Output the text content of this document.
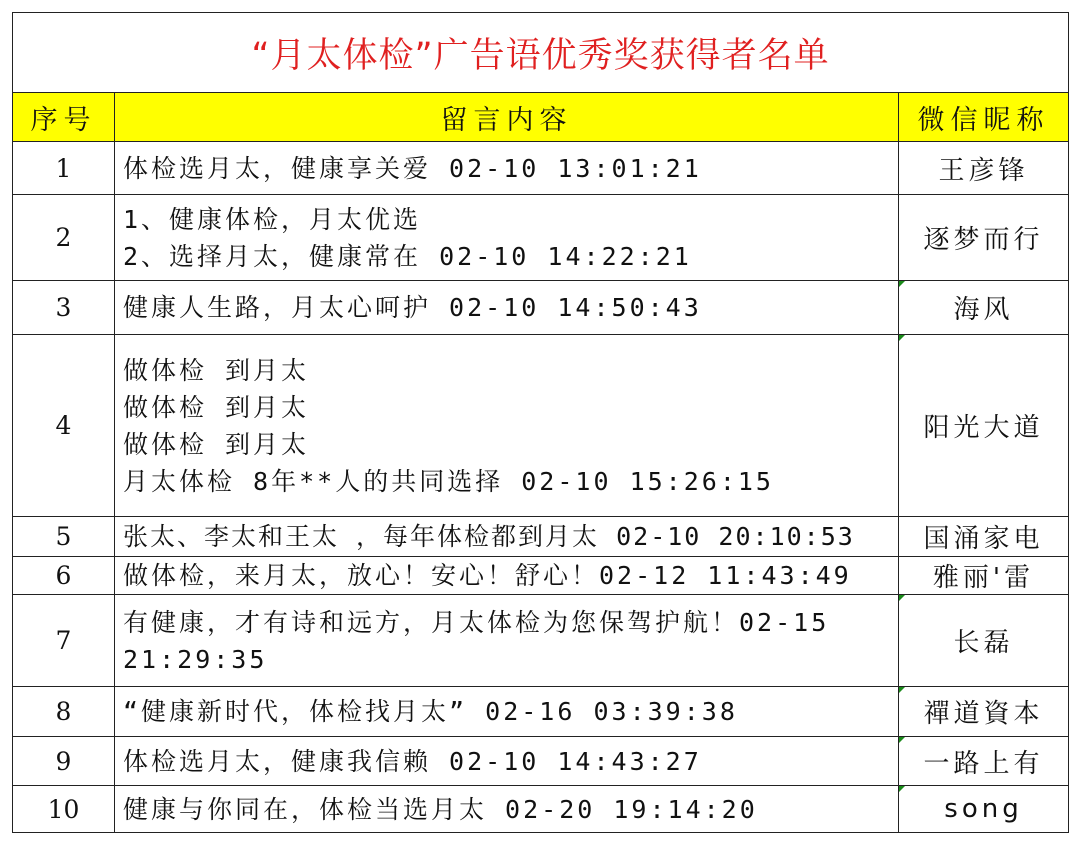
“月太体检”广告语优秀奖获得者名单		
序号	留言内容	微信昵称
1	体检选月太，健康享关爱 02-10 13:01:21	王彦锋
2	1、健康体检，月太优选
2、选择月太，健康常在 02-10 14:22:21	逐梦而行
3	健康人生路，月太心呵护 02-10 14:50:43	海风
4	做体检 到月太
做体检 到月太
做体检 到月太
月太体检 8年**人的共同选择 02-10 15:26:15	阳光大道
5	张太、李太和王太 ，每年体检都到月太 02-10 20:10:53	国涌家电
6	做体检，来月太，放心！安心！舒心！02-12 11:43:49	雅丽'雷
7	有健康，才有诗和远方，月太体检为您保驾护航！02-15 21:29:35	长磊
8	“健康新时代，体检找月太” 02-16 03:39:38	禪道資本
9	体检选月太，健康我信赖 02-10 14:43:27	一路上有
10	健康与你同在，体检当选月太 02-20 19:14:20	song
